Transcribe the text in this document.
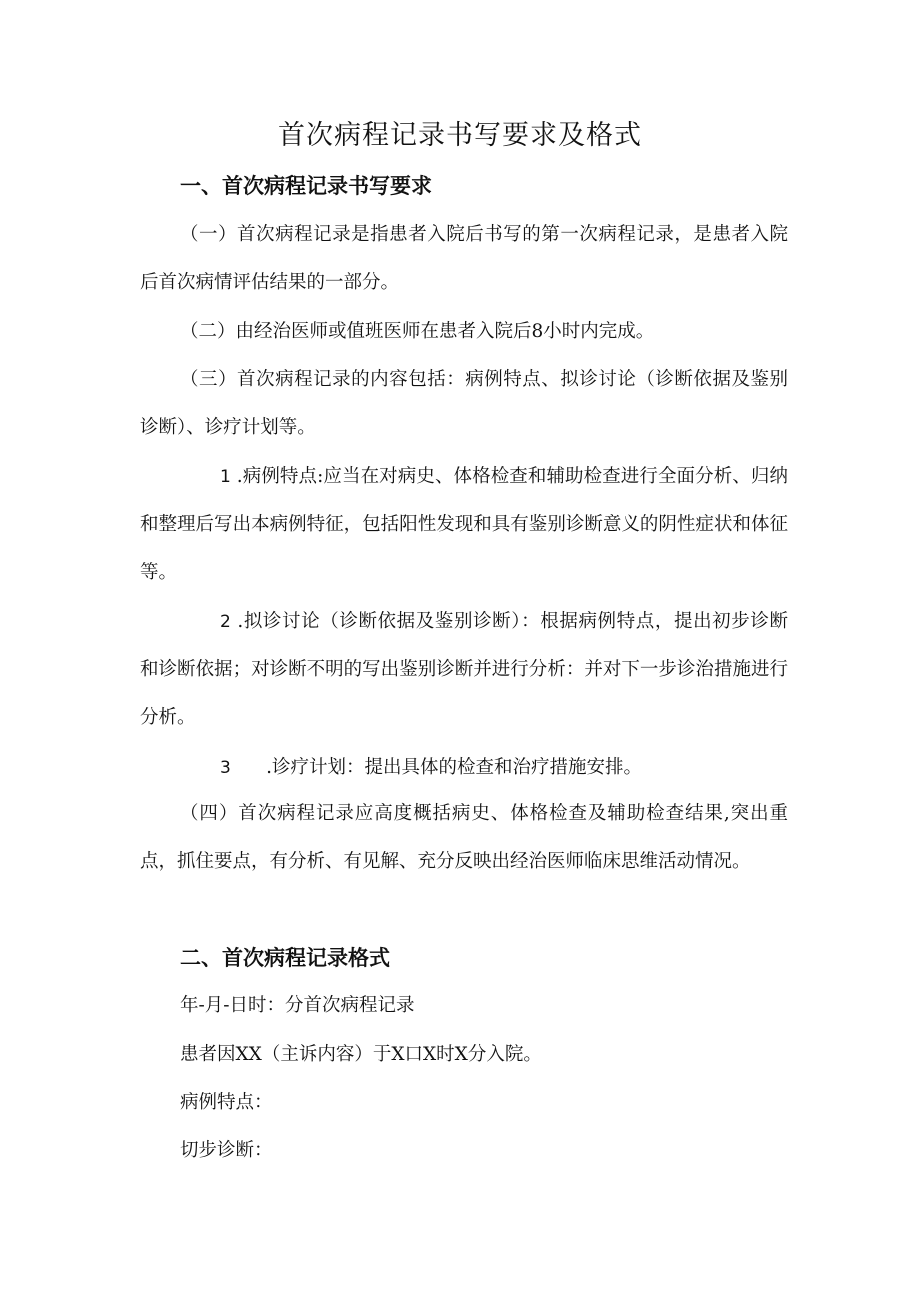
首次病程记录书写要求及格式
一、首次病程记录书写要求

（一）首次病程记录是指患者入院后书写的第一次病程记录，是患者入院后首次病情评估结果的一部分。

（二）由经治医师或值班医师在患者入院后8小时内完成。

（三）首次病程记录的内容包括：病例特点、拟诊讨论（诊断依据及鉴别诊断）、诊疗计划等。

1 .病例特点:应当在对病史、体格检查和辅助检查进行全面分析、归纳和整理后写出本病例特征，包括阳性发现和具有鉴别诊断意义的阴性症状和体征等。

2 .拟诊讨论（诊断依据及鉴别诊断）：根据病例特点，提出初步诊断和诊断依据；对诊断不明的写出鉴别诊断并进行分析：并对下一步诊治措施进行分析。

3 .诊疗计划：提出具体的检查和治疗措施安排。

（四）首次病程记录应高度概括病史、体格检查及辅助检查结果,突出重点，抓住要点，有分析、有见解、充分反映出经治医师临床思维活动情况。

二、首次病程记录格式
年-月-日时：分首次病程记录
患者因XX（主诉内容）于X口X时X分入院。
病例特点：
切步诊断：
